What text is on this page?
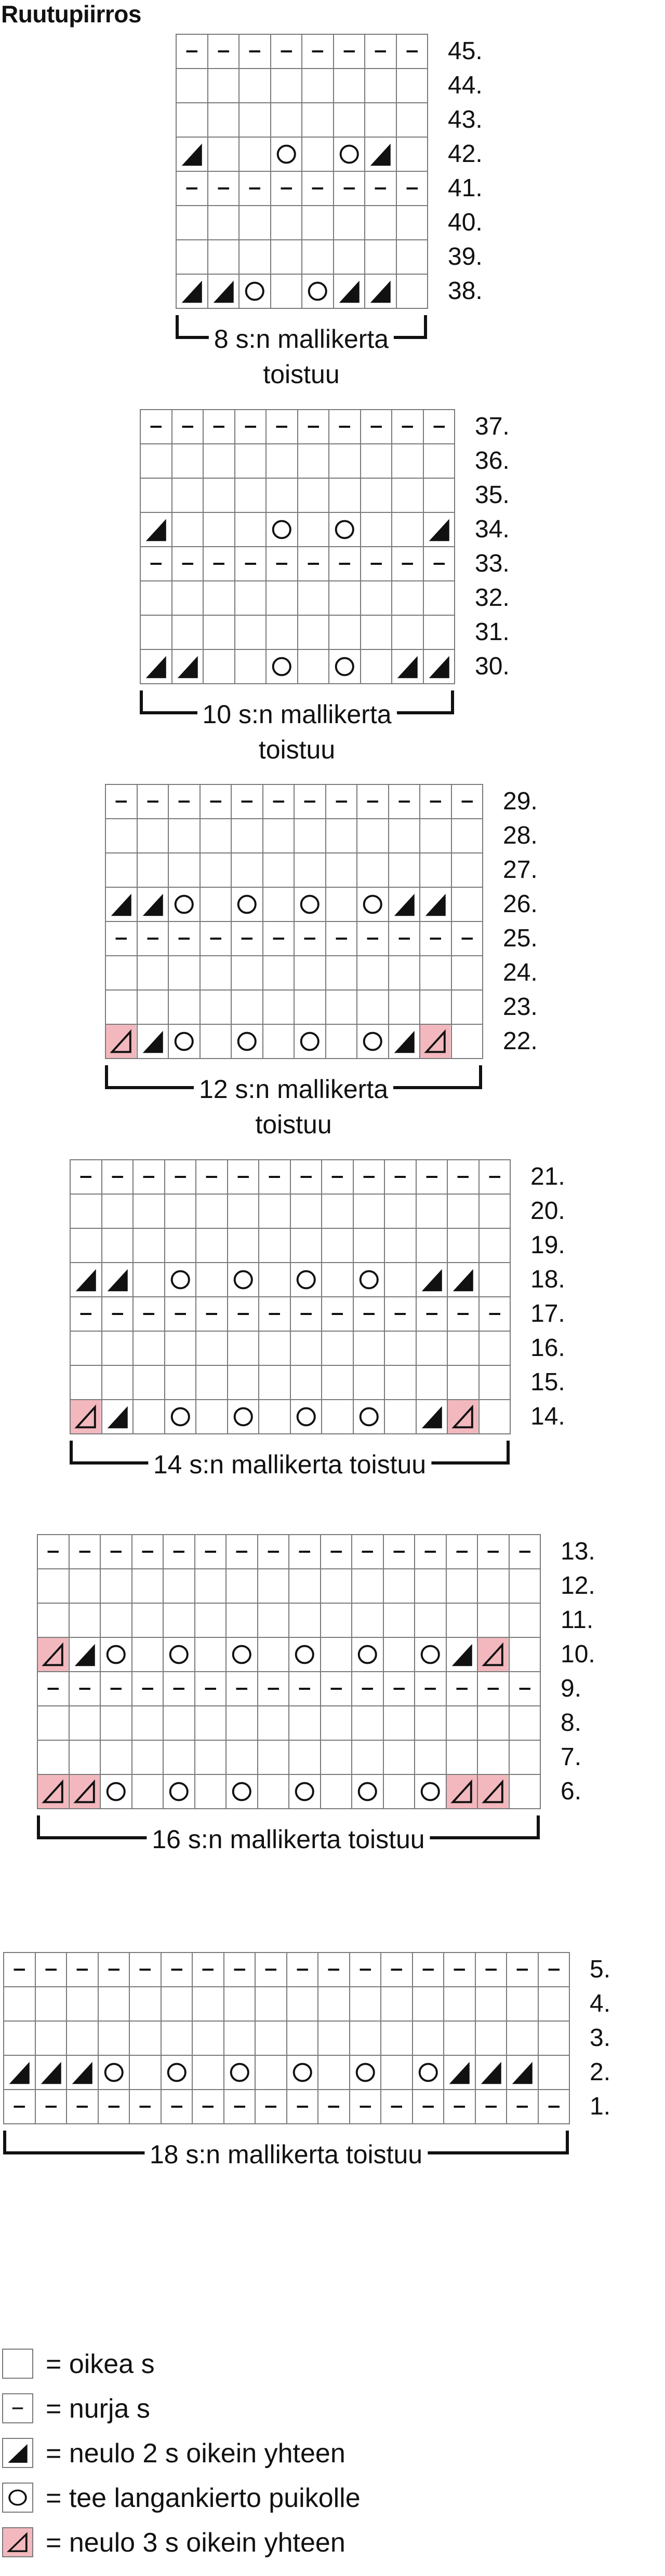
Ruutupiirros
45.
44.
43.
42.
41.
40.
39.
38.
8 s:n mallikerta
toistuu
37.
36.
35.
34.
33.
32.
31.
30.
10 s:n mallikerta
toistuu
29.
28.
27.
26.
25.
24.
23.
22.
12 s:n mallikerta
toistuu
21.
20.
19.
18.
17.
16.
15.
14.
14 s:n mallikerta toistuu
13.
12.
11.
10.
9.
8.
7.
6.
16 s:n mallikerta toistuu
5.
4.
3.
2.
1.
18 s:n mallikerta toistuu
= oikea s
= nurja s
= neulo 2 s oikein yhteen
= tee langankierto puikolle
= neulo 3 s oikein yhteen
